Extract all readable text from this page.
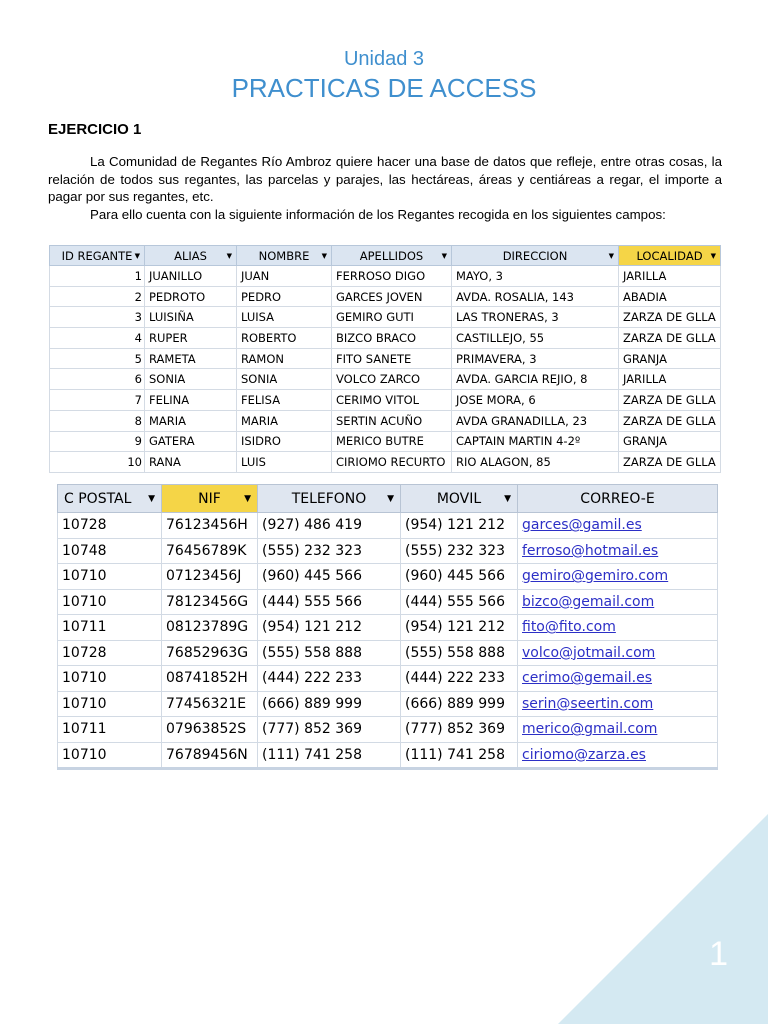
Unidad 3
PRACTICAS DE ACCESS
EJERCICIO 1

La Comunidad de Regantes Río Ambroz quiere hacer una base de datos que refleje, entre otras cosas, la relación de todos sus regantes, las parcelas y parajes, las hectáreas, áreas y centiáreas a regar, el importe a pagar por sus regantes, etc.

Para ello cuenta con la siguiente información de los Regantes recogida en los siguientes campos:

ID REGANTE ▼	ALIAS ▼	NOMBRE ▼	APELLIDOS ▼	DIRECCION ▼	LOCALIDAD ▼

1	JUANILLO	JUAN	FERROSO DIGO	MAYO, 3	JARILLA
2	PEDROTO	PEDRO	GARCES JOVEN	AVDA. ROSALIA, 143	ABADIA
3	LUISIÑA	LUISA	GEMIRO GUTI	LAS TRONERAS, 3	ZARZA DE GLLA
4	RUPER	ROBERTO	BIZCO BRACO	CASTILLEJO, 55	ZARZA DE GLLA
5	RAMETA	RAMON	FITO SANETE	PRIMAVERA, 3	GRANJA
6	SONIA	SONIA	VOLCO ZARCO	AVDA. GARCIA REJIO, 8	JARILLA
7	FELINA	FELISA	CERIMO VITOL	JOSE MORA, 6	ZARZA DE GLLA
8	MARIA	MARIA	SERTIN ACUÑO	AVDA GRANADILLA, 23	ZARZA DE GLLA
9	GATERA	ISIDRO	MERICO BUTRE	CAPTAIN MARTIN 4-2º	GRANJA
10	RANA	LUIS	CIRIOMO RECURTO	RIO ALAGON, 85	ZARZA DE GLLA
C POSTAL ▼	NIF ▼	TELEFONO ▼	MOVIL ▼	CORREO-E
10728	76123456H	(927) 486 419	(954) 121 212	garces@gamil.es
10748	76456789K	(555) 232 323	(555) 232 323	ferroso@hotmail.es
10710	07123456J	(960) 445 566	(960) 445 566	gemiro@gemiro.com
10710	78123456G	(444) 555 566	(444) 555 566	bizco@gemail.com
10711	08123789G	(954) 121 212	(954) 121 212	fito@fito.com
10728	76852963G	(555) 558 888	(555) 558 888	volco@jotmail.com
10710	08741852H	(444) 222 233	(444) 222 233	cerimo@gemail.es
10710	77456321E	(666) 889 999	(666) 889 999	serin@seertin.com
10711	07963852S	(777) 852 369	(777) 852 369	merico@gmail.com
10710	76789456N	(111) 741 258	(111) 741 258	ciriomo@zarza.es
1
